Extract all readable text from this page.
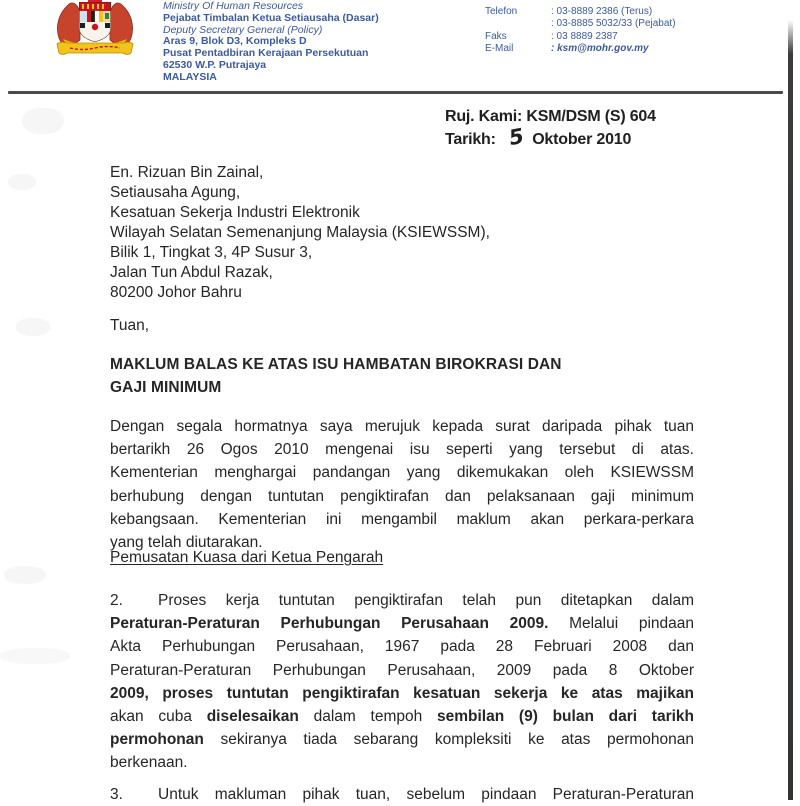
Ministry Of Human Resources
Pejabat Timbalan Ketua Setiausaha (Dasar)
Deputy Secretary General (Policy)
Aras 9, Blok D3, Kompleks D
Pusat Pentadbiran Kerajaan Persekutuan
62530 W.P. Putrajaya
MALAYSIA
Telefon	: 03-8889 2386 (Terus)
: 03-8885 5032/33 (Pejabat)
Faks	: 03 8889 2387
E-Mail	: ksm@mohr.gov.my
Ruj. Kami: KSM/DSM (S) 604
Tarikh: 5 Oktober 2010
En. Rizuan Bin Zainal,
Setiausaha Agung,
Kesatuan Sekerja Industri Elektronik
Wilayah Selatan Semenanjung Malaysia (KSIEWSSM),
Bilik 1, Tingkat 3, 4P Susur 3,
Jalan Tun Abdul Razak,
80200 Johor Bahru
Tuan,
MAKLUM BALAS KE ATAS ISU HAMBATAN BIROKRASI DAN
GAJI MINIMUM
Dengan segala hormatnya saya merujuk kepada surat daripada pihak tuan
bertarikh 26 Ogos 2010 mengenai isu seperti yang tersebut di atas.
Kementerian menghargai pandangan yang dikemukakan oleh KSIEWSSM
berhubung dengan tuntutan pengiktirafan dan pelaksanaan gaji minimum
kebangsaan. Kementerian ini mengambil maklum akan perkara-perkara
yang telah diutarakan.
Pemusatan Kuasa dari Ketua Pengarah
2. Proses kerja tuntutan pengiktirafan telah pun ditetapkan dalam
Peraturan-Peraturan Perhubungan Perusahaan 2009. Melalui pindaan
Akta Perhubungan Perusahaan, 1967 pada 28 Februari 2008 dan
Peraturan-Peraturan Perhubungan Perusahaan, 2009 pada 8 Oktober
2009, proses tuntutan pengiktirafan kesatuan sekerja ke atas majikan
akan cuba diselesaikan dalam tempoh sembilan (9) bulan dari tarikh
permohonan sekiranya tiada sebarang kompleksiti ke atas permohonan
berkenaan.
3. Untuk makluman pihak tuan, sebelum pindaan Peraturan-Peraturan
